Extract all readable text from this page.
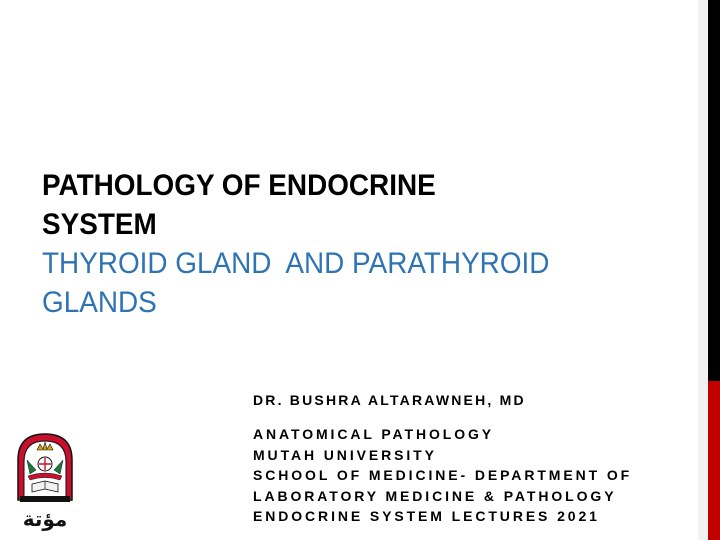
PATHOLOGY OF ENDOCRINE
SYSTEM
THYROID GLAND  AND PARATHYROID
GLANDS
DR. BUSHRA ALTARAWNEH, MD
ANATOMICAL PATHOLOGY
MUTAH UNIVERSITY
SCHOOL OF MEDICINE- DEPARTMENT OF
LABORATORY MEDICINE & PATHOLOGY
ENDOCRINE SYSTEM LECTURES 2021
مؤتة
